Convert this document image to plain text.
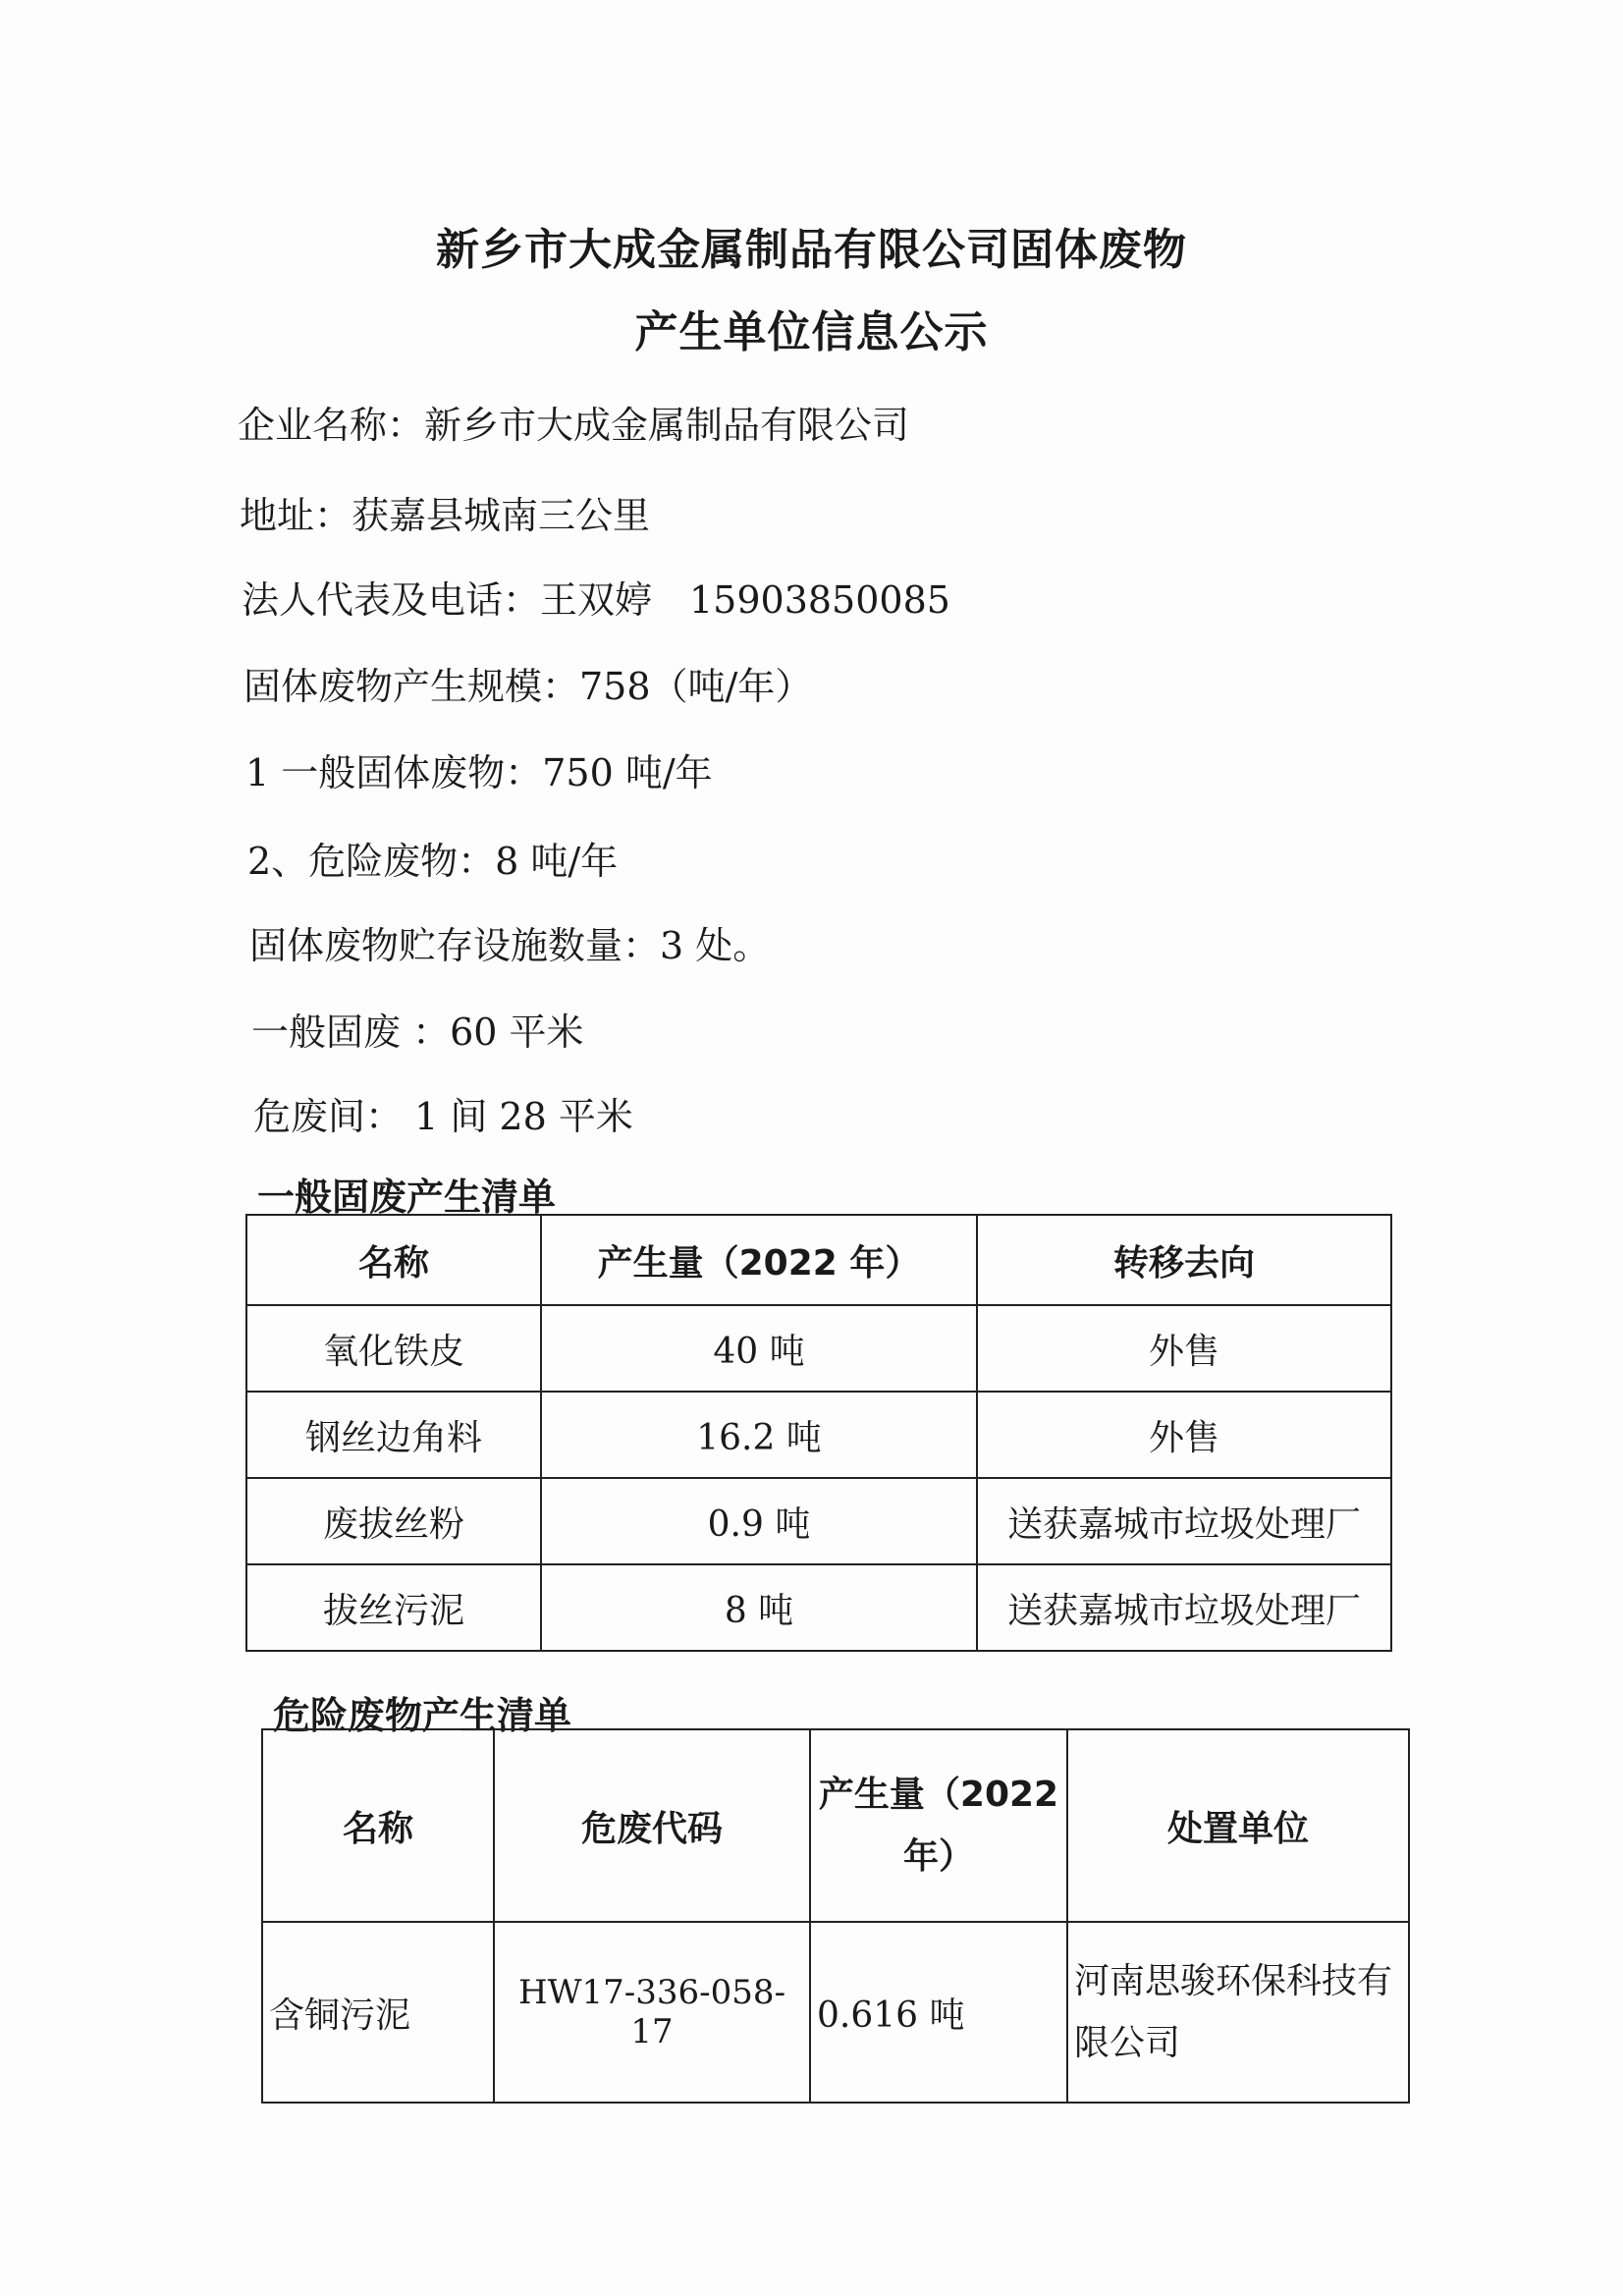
新乡市大成金属制品有限公司固体废物
产生单位信息公示
企业名称：新乡市大成金属制品有限公司
地址：获嘉县城南三公里
法人代表及电话：王双婷　15903850085
固体废物产生规模：758（吨/年）
1 一般固体废物：750 吨/年
2、危险废物：8 吨/年
固体废物贮存设施数量：3 处。
一般固废 ：60 平米
危废间： 1 间 28 平米
一般固废产生清单
名称	产生量（2022 年）	转移去向
氧化铁皮	40 吨	外售
钢丝边角料	16.2 吨	外售
废拔丝粉	0.9 吨	送获嘉城市垃圾处理厂
拔丝污泥	8 吨	送获嘉城市垃圾处理厂
危险废物产生清单
名称	危废代码	产生量（2022 年）	处置单位
含铜污泥	HW17-336-058-17	0.616 吨	河南思骏环保科技有限公司
